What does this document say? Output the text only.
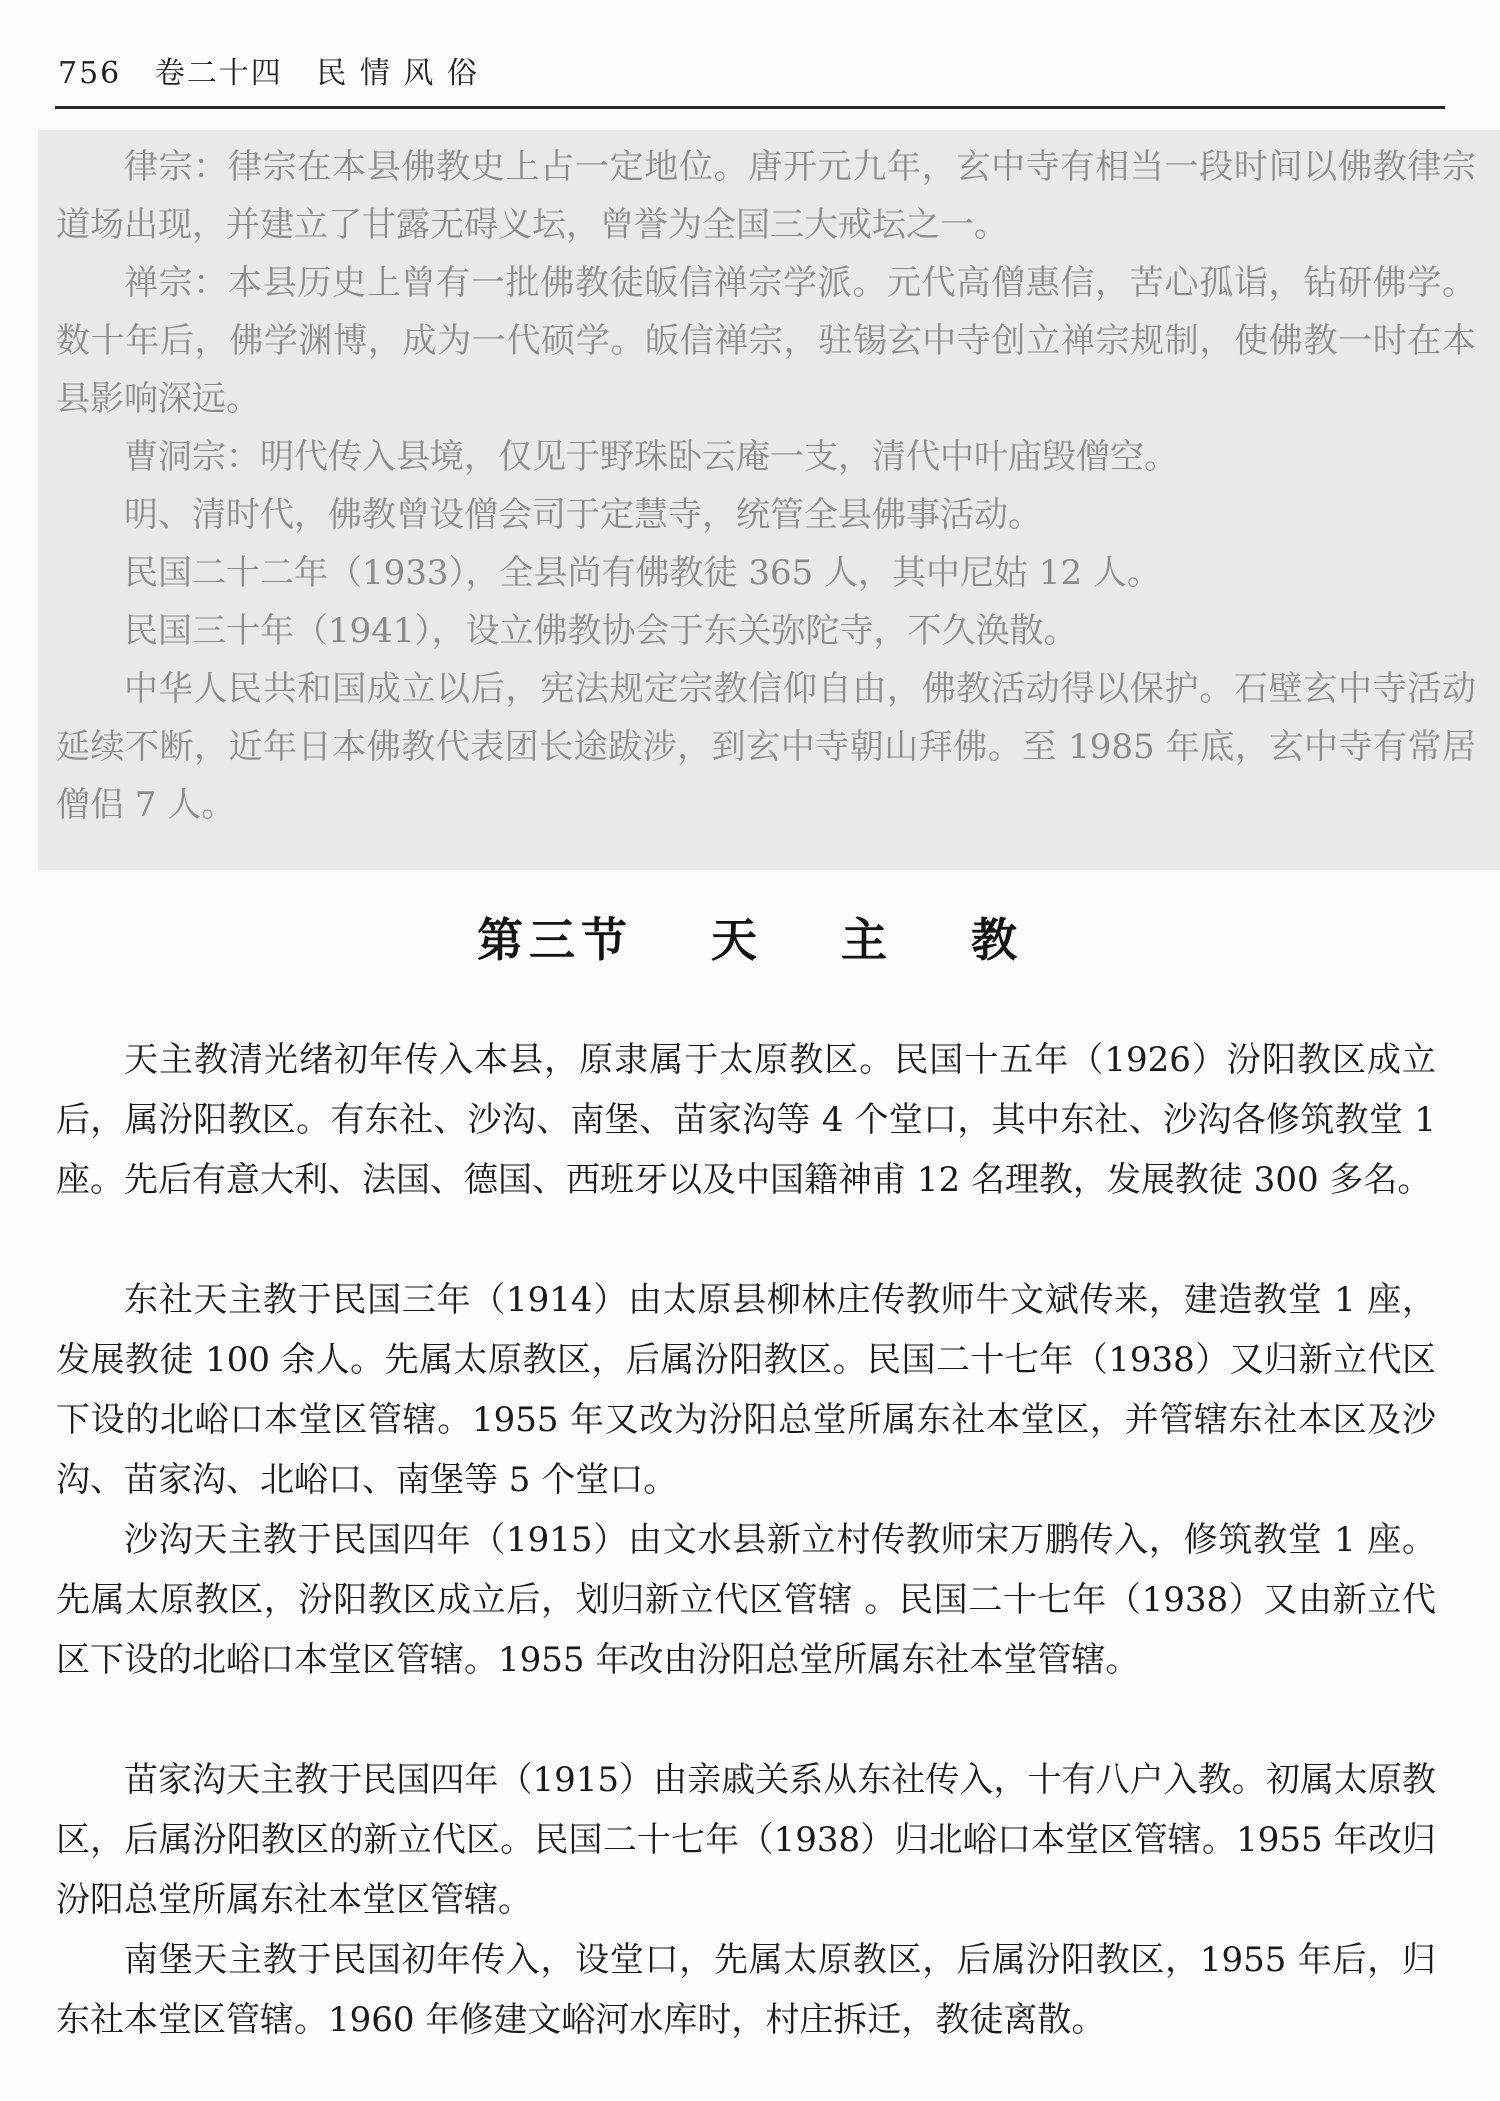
756 卷二十四 民 情 风 俗

律宗：律宗在本县佛教史上占一定地位。唐开元九年，玄中寺有相当一段时间以佛教律宗道场出现，并建立了甘露无碍义坛，曾誉为全国三大戒坛之一。

禅宗：本县历史上曾有一批佛教徒皈信禅宗学派。元代高僧惠信，苦心孤诣，钻研佛学。数十年后，佛学渊博，成为一代硕学。皈信禅宗，驻锡玄中寺创立禅宗规制，使佛教一时在本县影响深远。

曹洞宗：明代传入县境，仅见于野珠卧云庵一支，清代中叶庙毁僧空。

明、清时代，佛教曾设僧会司于定慧寺，统管全县佛事活动。

民国二十二年（1933），全县尚有佛教徒 365 人，其中尼姑 12 人。

民国三十年（1941），设立佛教协会于东关弥陀寺，不久涣散。

中华人民共和国成立以后，宪法规定宗教信仰自由，佛教活动得以保护。石壁玄中寺活动延续不断，近年日本佛教代表团长途跋涉，到玄中寺朝山拜佛。至 1985 年底，玄中寺有常居僧侣 7 人。

第三节 天 主 教

天主教清光绪初年传入本县，原隶属于太原教区。民国十五年（1926）汾阳教区成立后，属汾阳教区。有东社、沙沟、南堡、苗家沟等 4 个堂口，其中东社、沙沟各修筑教堂 1 座。先后有意大利、法国、德国、西班牙以及中国籍神甫 12 名理教，发展教徒 300 多名。

东社天主教于民国三年（1914）由太原县柳林庄传教师牛文斌传来，建造教堂 1 座，发展教徒 100 余人。先属太原教区，后属汾阳教区。民国二十七年（1938）又归新立代区下设的北峪口本堂区管辖。1955 年又改为汾阳总堂所属东社本堂区，并管辖东社本区及沙沟、苗家沟、北峪口、南堡等 5 个堂口。

沙沟天主教于民国四年（1915）由文水县新立村传教师宋万鹏传入，修筑教堂 1 座。先属太原教区，汾阳教区成立后，划归新立代区管辖 。民国二十七年（1938）又由新立代区下设的北峪口本堂区管辖。1955 年改由汾阳总堂所属东社本堂管辖。

苗家沟天主教于民国四年（1915）由亲戚关系从东社传入，十有八户入教。初属太原教区，后属汾阳教区的新立代区。民国二十七年（1938）归北峪口本堂区管辖。1955 年改归汾阳总堂所属东社本堂区管辖。

南堡天主教于民国初年传入，设堂口，先属太原教区，后属汾阳教区，1955 年后，归东社本堂区管辖。1960 年修建文峪河水库时，村庄拆迁，教徒离散。
